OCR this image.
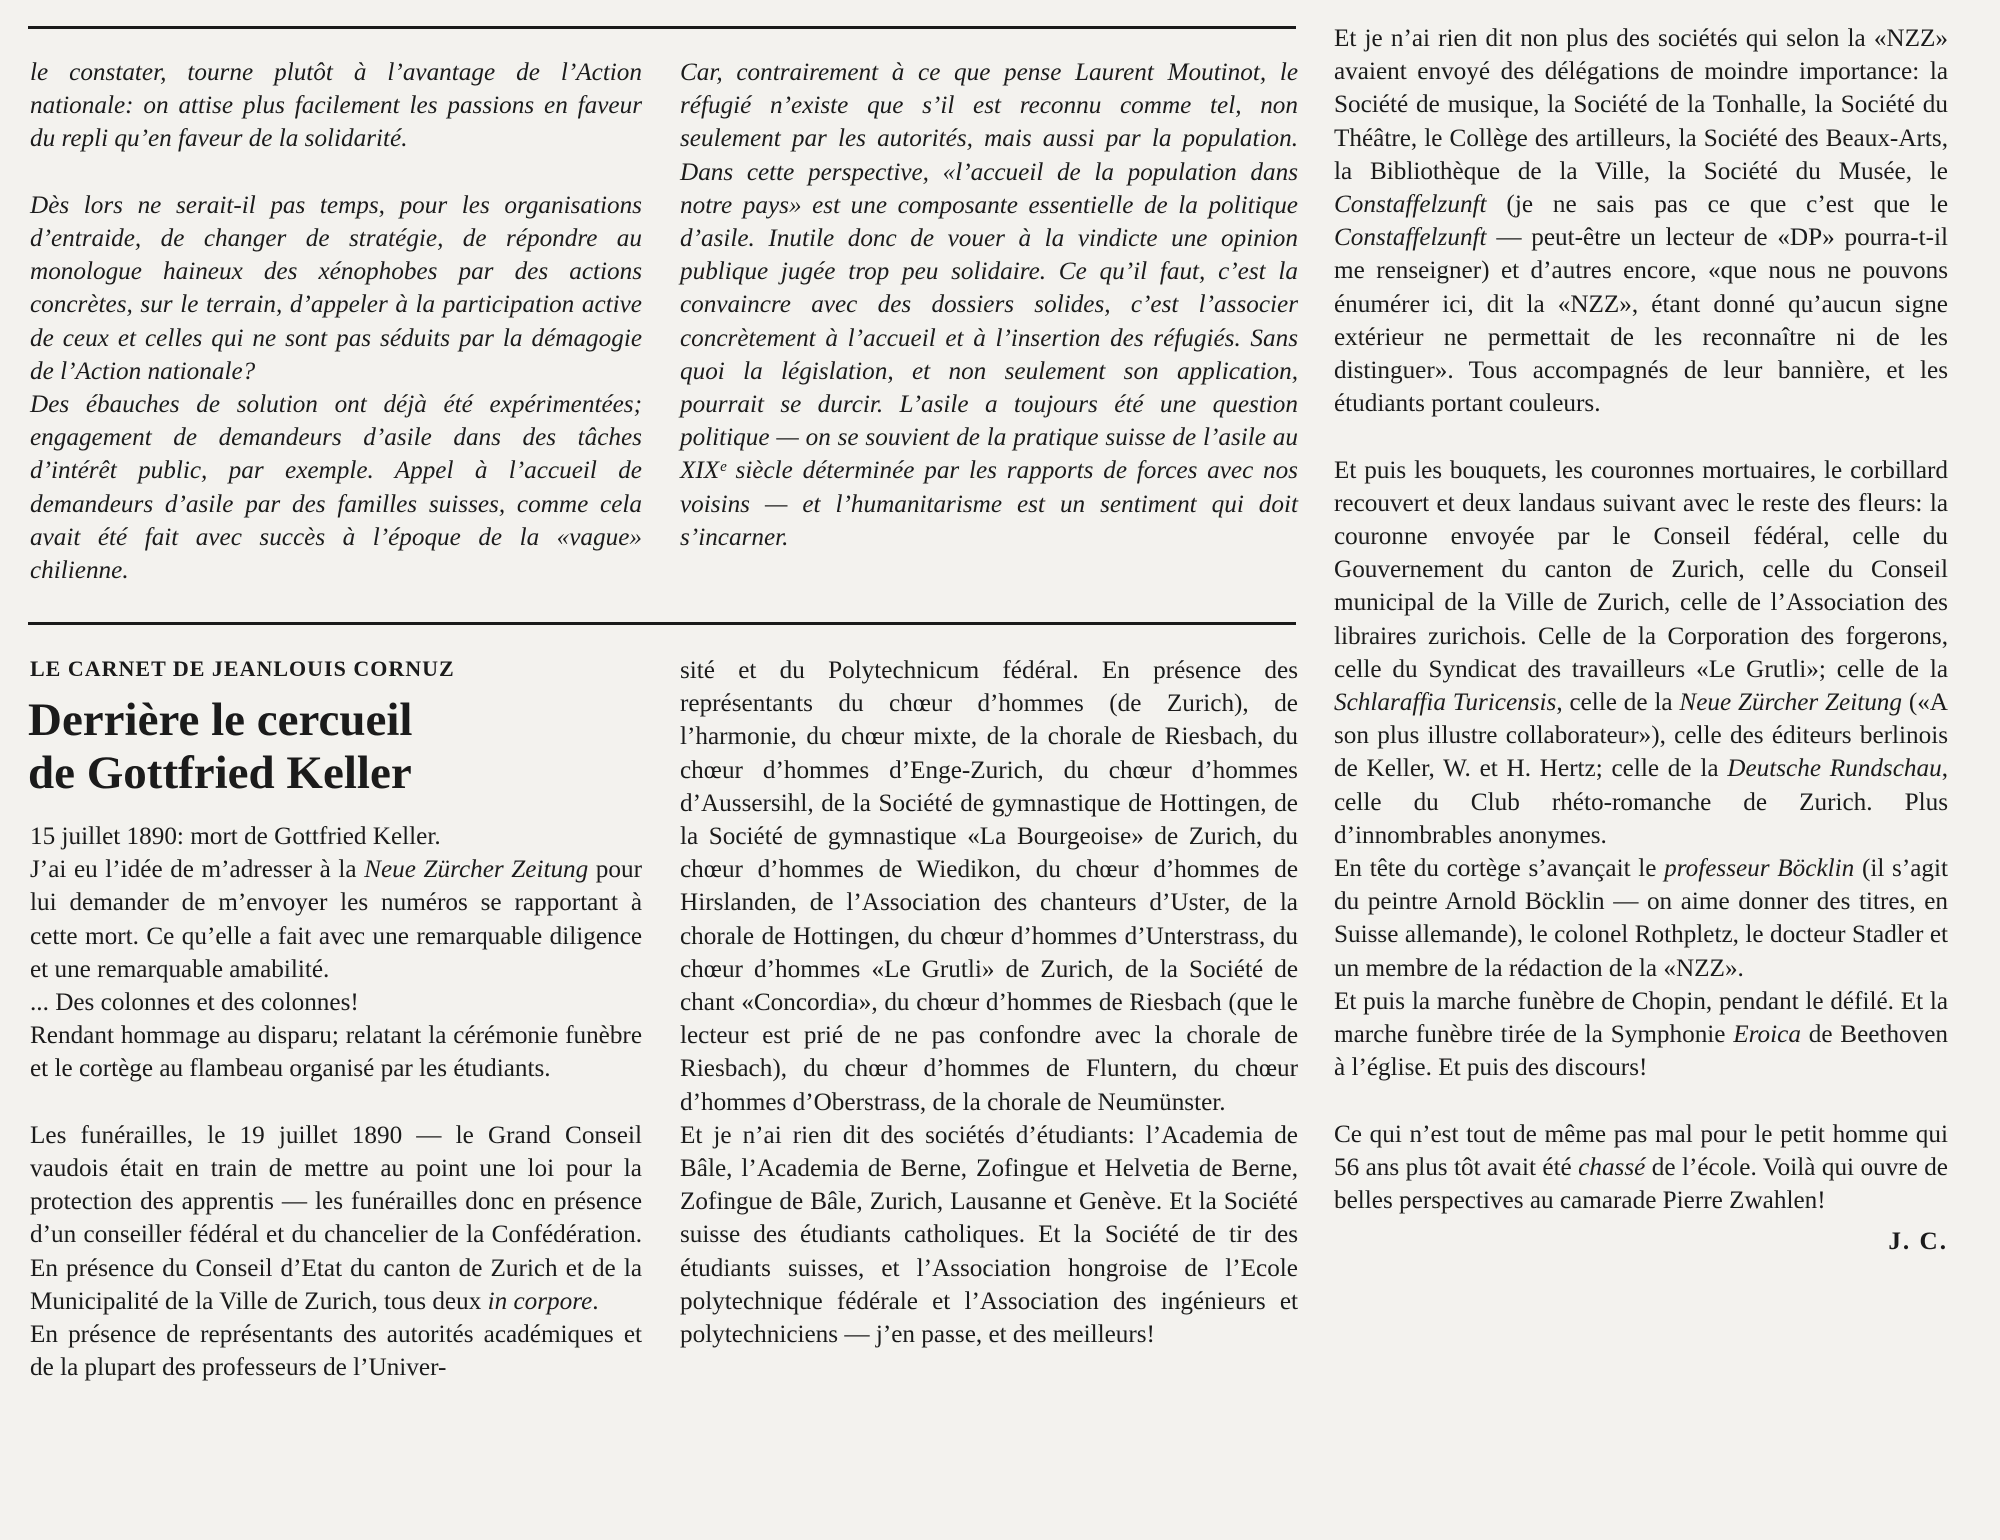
le constater, tourne plutôt à l’avantage de l’Action nationale: on attise plus facilement les passions en faveur du repli qu’en faveur de la solidarité.

Dès lors ne serait-il pas temps, pour les organisations d’entraide, de changer de stratégie, de répondre au monologue haineux des xénophobes par des actions concrètes, sur le terrain, d’appeler à la participation active de ceux et celles qui ne sont pas séduits par la démagogie de l’Action nationale?

Des ébauches de solution ont déjà été expérimentées; engagement de demandeurs d’asile dans des tâches d’intérêt public, par exemple. Appel à l’accueil de demandeurs d’asile par des familles suisses, comme cela avait été fait avec succès à l’époque de la «vague» chilienne.

Car, contrairement à ce que pense Laurent Moutinot, le réfugié n’existe que s’il est reconnu comme tel, non seulement par les autorités, mais aussi par la population. Dans cette perspective, «l’accueil de la population dans notre pays» est une composante essentielle de la politique d’asile. Inutile donc de vouer à la vindicte une opinion publique jugée trop peu solidaire. Ce qu’il faut, c’est la convaincre avec des dossiers solides, c’est l’associer concrètement à l’accueil et à l’insertion des réfugiés. Sans quoi la législation, et non seulement son application, pourrait se durcir. L’asile a toujours été une question politique — on se souvient de la pratique suisse de l’asile au XIXᵉ siècle déterminée par les rapports de forces avec nos voisins — et l’humanitarisme est un sentiment qui doit s’incarner.

LE CARNET DE JEANLOUIS CORNUZ
Derrière le cercueil
de Gottfried Keller

15 juillet 1890: mort de Gottfried Keller.

J’ai eu l’idée de m’adresser à la Neue Zürcher Zeitung pour lui demander de m’envoyer les numéros se rapportant à cette mort. Ce qu’elle a fait avec une remarquable diligence et une remarquable amabilité.

... Des colonnes et des colonnes!

Rendant hommage au disparu; relatant la cérémonie funèbre et le cortège au flambeau organisé par les étudiants.

Les funérailles, le 19 juillet 1890 — le Grand Conseil vaudois était en train de mettre au point une loi pour la protection des apprentis — les funérailles donc en présence d’un conseiller fédéral et du chancelier de la Confédération. En présence du Conseil d’Etat du canton de Zurich et de la Municipalité de la Ville de Zurich, tous deux in corpore.

En présence de représentants des autorités académiques et de la plupart des professeurs de l’Univer-

sité et du Polytechnicum fédéral. En présence des représentants du chœur d’hommes (de Zurich), de l’harmonie, du chœur mixte, de la chorale de Riesbach, du chœur d’hommes d’Enge-Zurich, du chœur d’hommes d’Aussersihl, de la Société de gymnastique de Hottingen, de la Société de gymnastique «La Bourgeoise» de Zurich, du chœur d’hommes de Wiedikon, du chœur d’hommes de Hirslanden, de l’Association des chanteurs d’Uster, de la chorale de Hottingen, du chœur d’hommes d’Unterstrass, du chœur d’hommes «Le Grutli» de Zurich, de la Société de chant «Concordia», du chœur d’hommes de Riesbach (que le lecteur est prié de ne pas confondre avec la chorale de Riesbach), du chœur d’hommes de Fluntern, du chœur d’hommes d’Oberstrass, de la chorale de Neumünster.

Et je n’ai rien dit des sociétés d’étudiants: l’Academia de Bâle, l’Academia de Berne, Zofingue et Helvetia de Berne, Zofingue de Bâle, Zurich, Lausanne et Genève. Et la Société suisse des étudiants catholiques. Et la Société de tir des étudiants suisses, et l’Association hongroise de l’Ecole polytechnique fédérale et l’Association des ingénieurs et polytechniciens — j’en passe, et des meilleurs!

Et je n’ai rien dit non plus des sociétés qui selon la «NZZ» avaient envoyé des délégations de moindre importance: la Société de musique, la Société de la Tonhalle, la Société du Théâtre, le Collège des artilleurs, la Société des Beaux-Arts, la Bibliothèque de la Ville, la Société du Musée, le Constaffelzunft (je ne sais pas ce que c’est que le Constaffelzunft — peut-être un lecteur de «DP» pourra-t-il me renseigner) et d’autres encore, «que nous ne pouvons énumérer ici, dit la «NZZ», étant donné qu’aucun signe extérieur ne permettait de les reconnaître ni de les distinguer». Tous accompagnés de leur bannière, et les étudiants portant couleurs.

Et puis les bouquets, les couronnes mortuaires, le corbillard recouvert et deux landaus suivant avec le reste des fleurs: la couronne envoyée par le Conseil fédéral, celle du Gouvernement du canton de Zurich, celle du Conseil municipal de la Ville de Zurich, celle de l’Association des libraires zurichois. Celle de la Corporation des forgerons, celle du Syndicat des travailleurs «Le Grutli»; celle de la Schlaraffia Turicensis, celle de la Neue Zürcher Zeitung («A son plus illustre collaborateur»), celle des éditeurs berlinois de Keller, W. et H. Hertz; celle de la Deutsche Rundschau, celle du Club rhéto-romanche de Zurich. Plus d’innombrables anonymes.

En tête du cortège s’avançait le professeur Böcklin (il s’agit du peintre Arnold Böcklin — on aime donner des titres, en Suisse allemande), le colonel Rothpletz, le docteur Stadler et un membre de la rédaction de la «NZZ».

Et puis la marche funèbre de Chopin, pendant le défilé. Et la marche funèbre tirée de la Symphonie Eroica de Beethoven à l’église. Et puis des discours!

Ce qui n’est tout de même pas mal pour le petit homme qui 56 ans plus tôt avait été chassé de l’école. Voilà qui ouvre de belles perspectives au camarade Pierre Zwahlen!

J. C.
